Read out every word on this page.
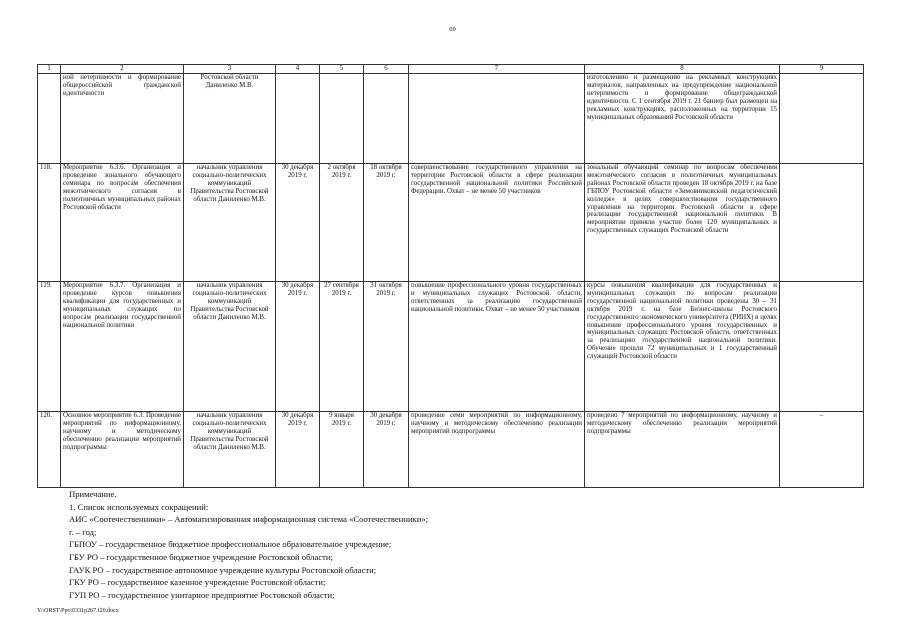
69
1	2	3	4	5	6	7	8	9
	ной нетерпимости и формирование общероссийской гражданской идентичности	Ростовской области Даниленко М.В.					изготовлению и размещению на рекламных конструкциях материалов, направленных на предупреждение национальной нетерпимости и формирование общегражданской идентичности. С 1 сентября 2019 г. 21 баннер был размещен на рекламных конструкциях, расположенных на территории 15 муниципальных образований Ростовской области	
118.	Мероприятие 6.3.6. Организация и проведение зонального обучающего семинара по вопросам обеспечения межэтнического согласия в полиэтничных муниципальных районах Ростовской области	начальник управления социально-политических коммуникаций Правительства Ростовской области Даниленко М.В.	30 декабря 2019 г.	2 октября 2019 г.	18 октября 2019 г.	совершенствование государственного управления на территории Ростовской области в сфере реализации государственной национальной политики Российской Федерации. Охват – не менее 50 участников	зональный обучающий семинар по вопросам обеспечения межэтнического согласия в полиэтничных муниципальных районах Ростовской области проведен 18 октября 2019 г. на базе ГБПОУ Ростовской области «Зимовниковский педагогический колледж» в целях совершенствования государственного управления на территории Ростовской области в сфере реализации государственной национальной политики. В мероприятии приняли участие более 120 муниципальных и государственных служащих Ростовской области	
119.	Мероприятие 6.3.7. Организация и проведение курсов повышения квалификации для государственных и муниципальных служащих по вопросам реализации государственной национальной политики	начальник управления социально-политических коммуникаций Правительства Ростовской области Даниленко М.В.	30 декабря 2019 г.	27 сентября 2019 г.	31 октября 2019 г.	повышение профессионального уровня государственных и муниципальных служащих Ростовской области, ответственных за реализацию государственной национальной политики. Охват – не менее 50 участников	курсы повышения квалификации для государственных и муниципальных служащих по вопросам реализации государственной национальной политики проведены 30 – 31 октября 2019 г. на базе Бизнес-школы Ростовского государственного экономического университета (РИНХ) в целях повышения профессионального уровня государственных и муниципальных служащих Ростовской области, ответственных за реализацию государственной национальной политики. Обучение прошли 72 муниципальных и 1 государственный служащий Ростовской области	
120.	Основное мероприятие 6.3. Проведение мероприятий по информационному, научному и методическому обеспечению реализации мероприятий подпрограммы	начальник управления социально-политических коммуникаций Правительства Ростовской области Даниленко М.В.	30 декабря 2019 г.	9 января 2019 г.	30 декабря 2019 г.	проведение семи мероприятий по информационному, научному и методическому обеспечению реализации мероприятий подпрограммы	проведено 7 мероприятий по информационному, научному и методическому обеспечению реализации мероприятий подпрограммы	–
Примечание.
1. Список используемых сокращений:
АИС «Соотечественники» – Автоматизированная информационная система «Соотечественники»;
г. – год;
ГБПОУ – государственное бюджетное профессиональное образовательное учреждение;
ГБУ РО – государственное бюджетное учреждение Ростовской области;
ГАУК РО – государственное автономное учреждение культуры Ростовской области;
ГКУ РО – государственное казенное учреждение Ростовской области;
ГУП РО – государственное унитарное предприятие Ростовской области;
Y:\ORST\Ppo\0331p267.f20.docx
